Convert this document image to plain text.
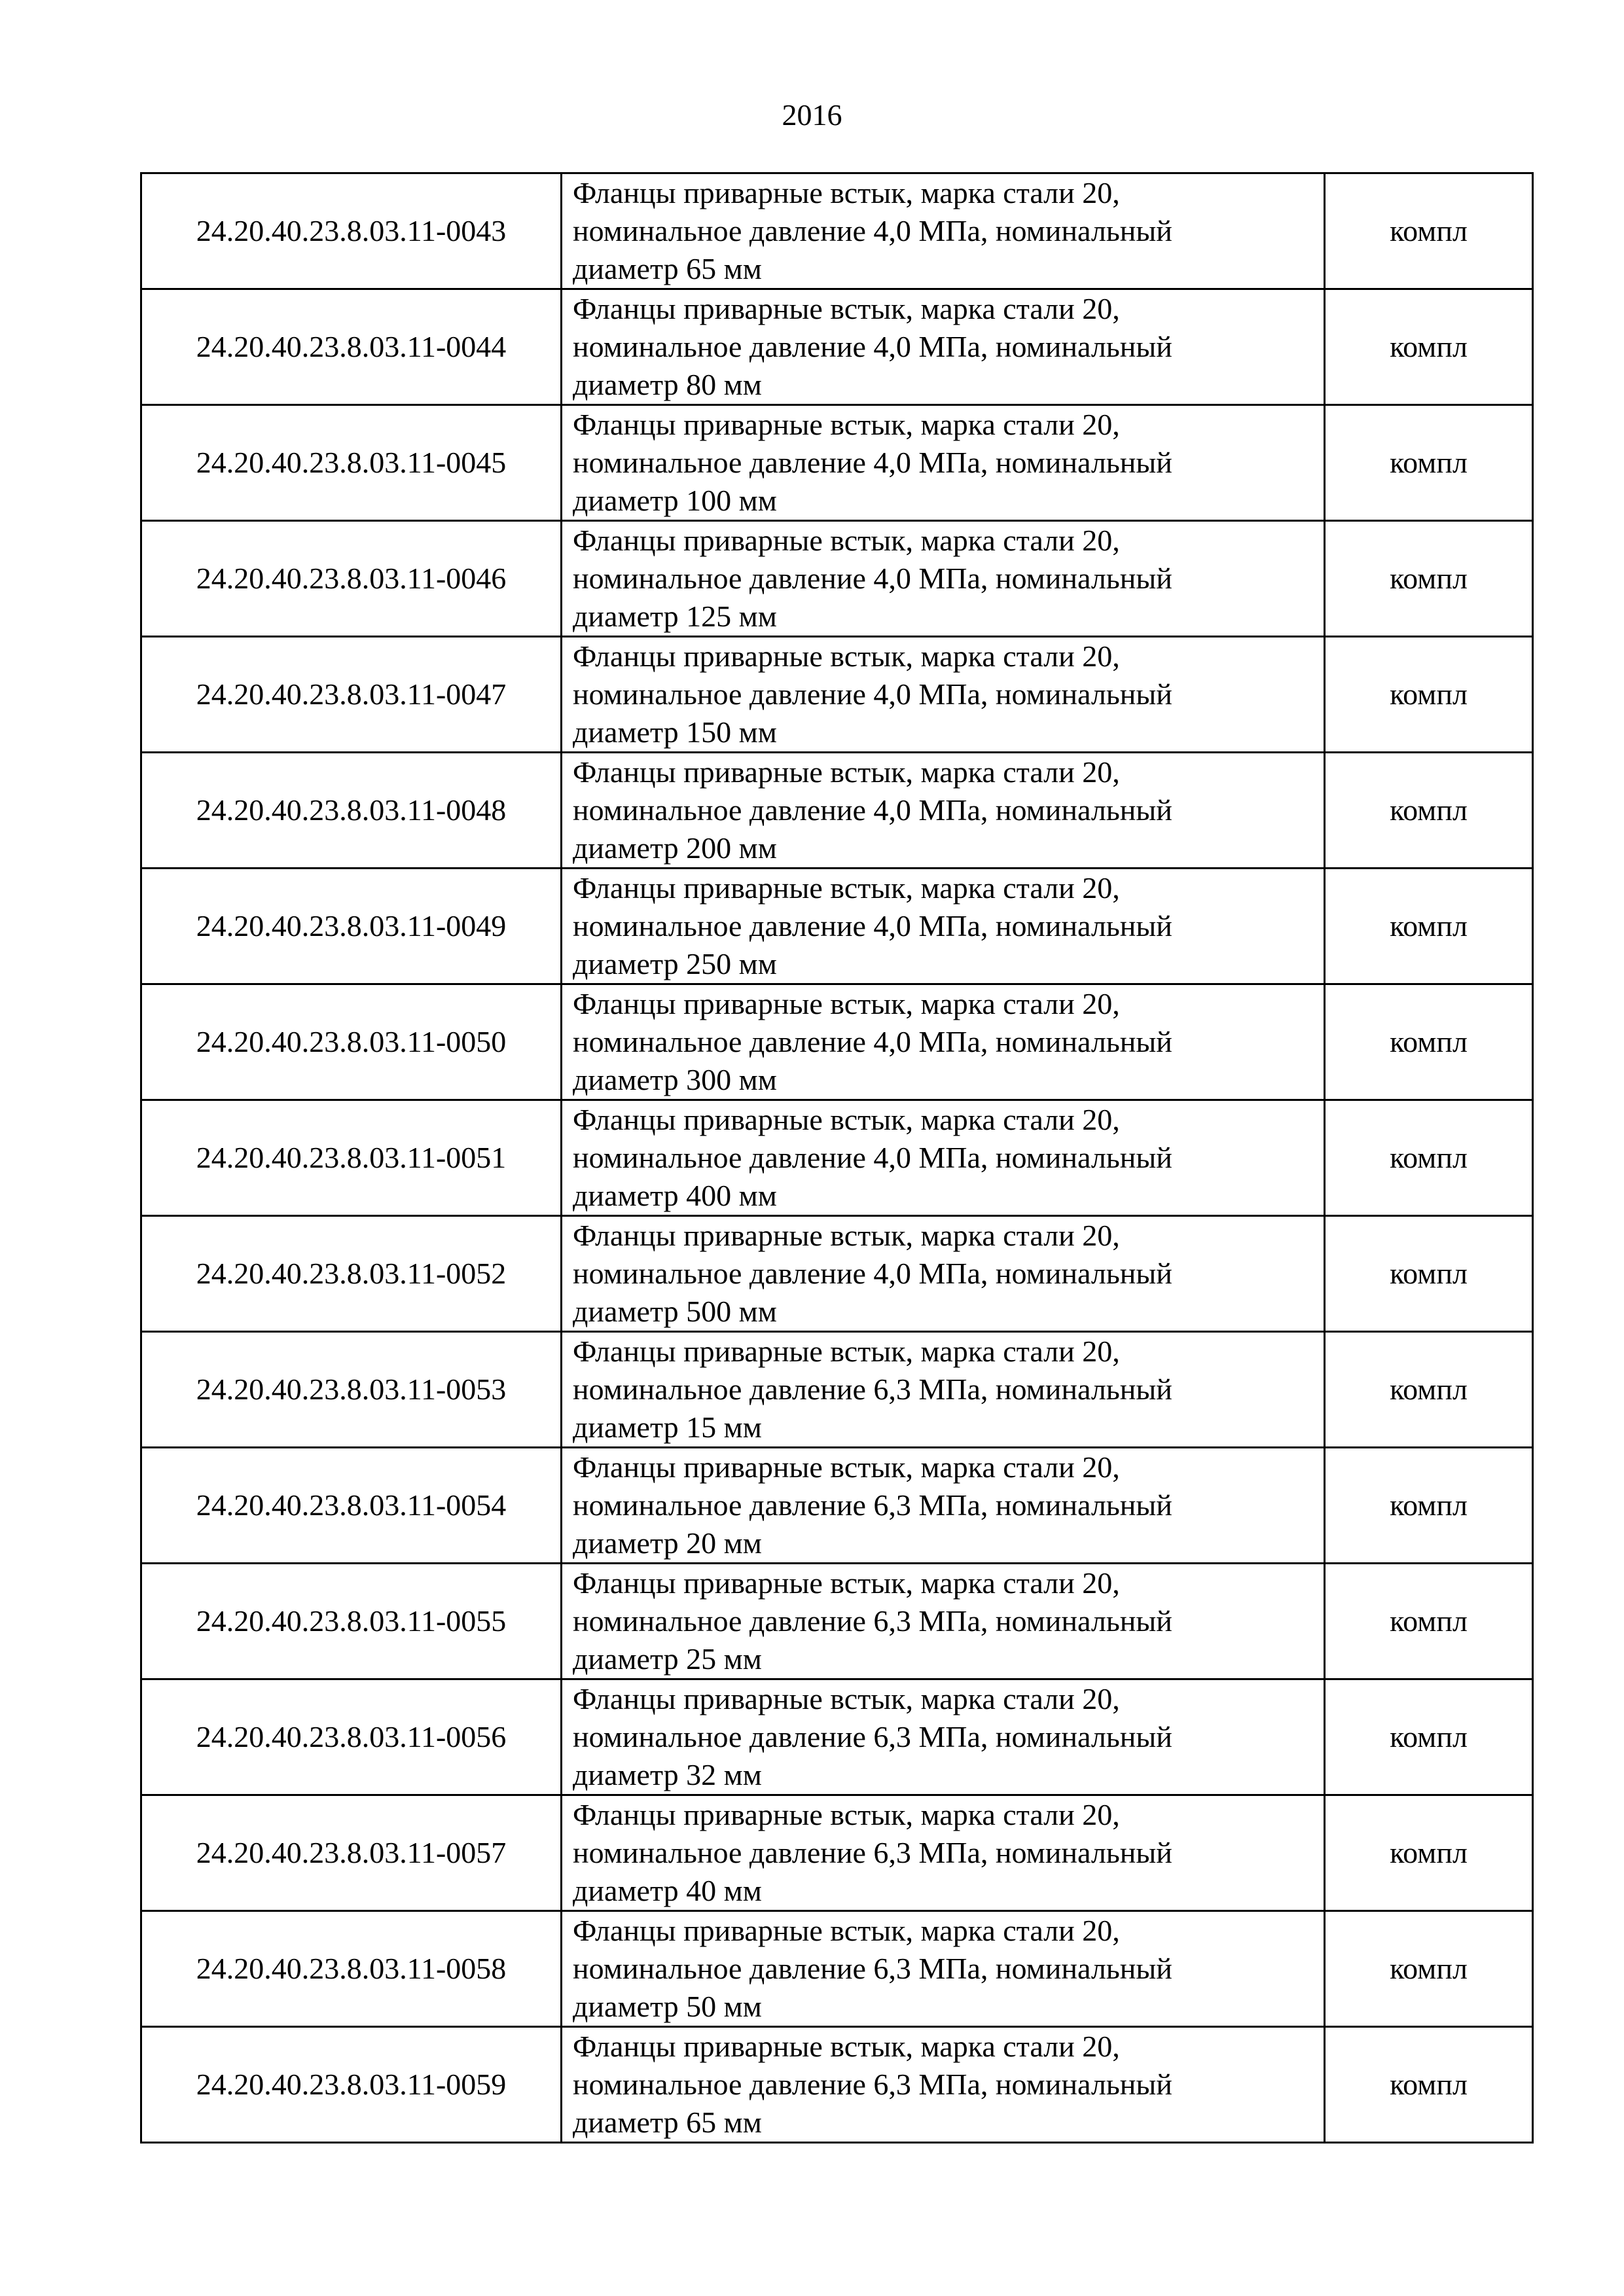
2016
24.20.40.23.8.03.11-0043	Фланцы приварные встык, марка стали 20,
номинальное давление 4,0 МПа, номинальный
диаметр 65 мм	компл
24.20.40.23.8.03.11-0044	Фланцы приварные встык, марка стали 20,
номинальное давление 4,0 МПа, номинальный
диаметр 80 мм	компл
24.20.40.23.8.03.11-0045	Фланцы приварные встык, марка стали 20,
номинальное давление 4,0 МПа, номинальный
диаметр 100 мм	компл
24.20.40.23.8.03.11-0046	Фланцы приварные встык, марка стали 20,
номинальное давление 4,0 МПа, номинальный
диаметр 125 мм	компл
24.20.40.23.8.03.11-0047	Фланцы приварные встык, марка стали 20,
номинальное давление 4,0 МПа, номинальный
диаметр 150 мм	компл
24.20.40.23.8.03.11-0048	Фланцы приварные встык, марка стали 20,
номинальное давление 4,0 МПа, номинальный
диаметр 200 мм	компл
24.20.40.23.8.03.11-0049	Фланцы приварные встык, марка стали 20,
номинальное давление 4,0 МПа, номинальный
диаметр 250 мм	компл
24.20.40.23.8.03.11-0050	Фланцы приварные встык, марка стали 20,
номинальное давление 4,0 МПа, номинальный
диаметр 300 мм	компл
24.20.40.23.8.03.11-0051	Фланцы приварные встык, марка стали 20,
номинальное давление 4,0 МПа, номинальный
диаметр 400 мм	компл
24.20.40.23.8.03.11-0052	Фланцы приварные встык, марка стали 20,
номинальное давление 4,0 МПа, номинальный
диаметр 500 мм	компл
24.20.40.23.8.03.11-0053	Фланцы приварные встык, марка стали 20,
номинальное давление 6,3 МПа, номинальный
диаметр 15 мм	компл
24.20.40.23.8.03.11-0054	Фланцы приварные встык, марка стали 20,
номинальное давление 6,3 МПа, номинальный
диаметр 20 мм	компл
24.20.40.23.8.03.11-0055	Фланцы приварные встык, марка стали 20,
номинальное давление 6,3 МПа, номинальный
диаметр 25 мм	компл
24.20.40.23.8.03.11-0056	Фланцы приварные встык, марка стали 20,
номинальное давление 6,3 МПа, номинальный
диаметр 32 мм	компл
24.20.40.23.8.03.11-0057	Фланцы приварные встык, марка стали 20,
номинальное давление 6,3 МПа, номинальный
диаметр 40 мм	компл
24.20.40.23.8.03.11-0058	Фланцы приварные встык, марка стали 20,
номинальное давление 6,3 МПа, номинальный
диаметр 50 мм	компл
24.20.40.23.8.03.11-0059	Фланцы приварные встык, марка стали 20,
номинальное давление 6,3 МПа, номинальный
диаметр 65 мм	компл
